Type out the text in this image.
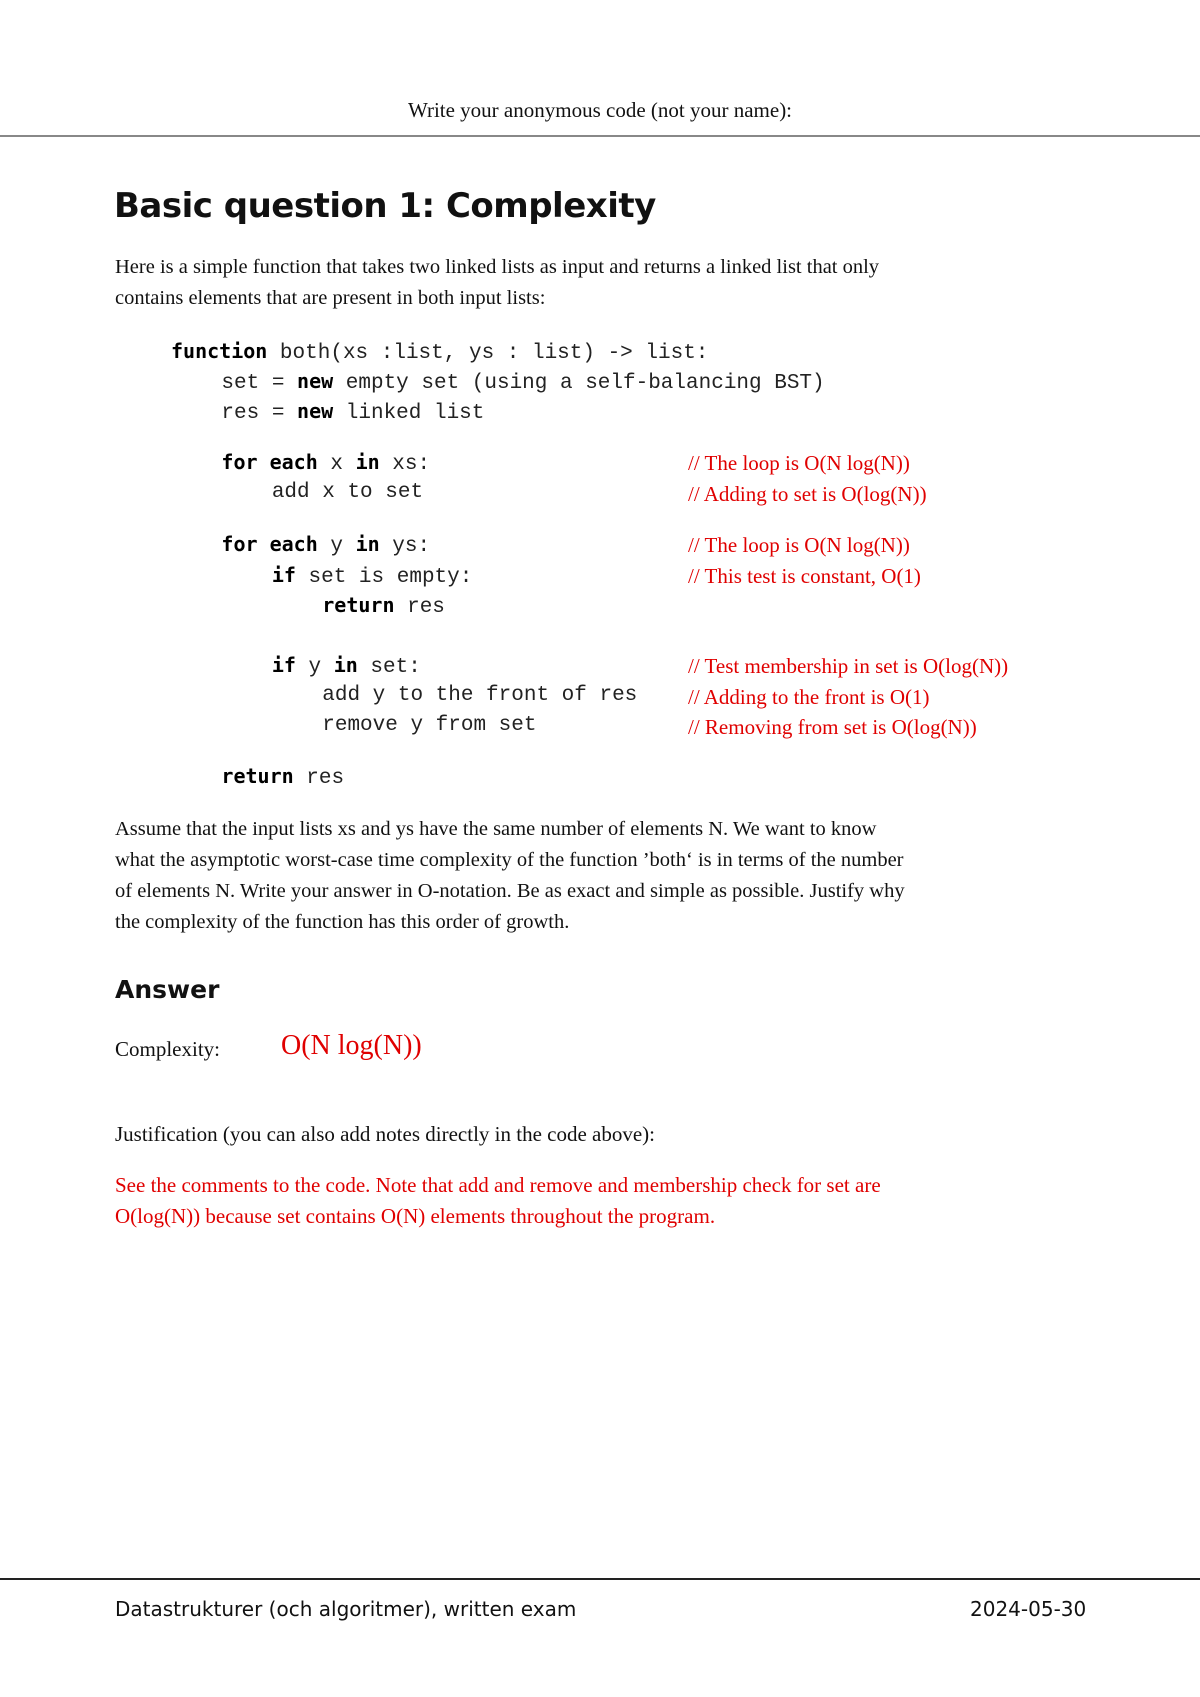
Write your anonymous code (not your name):
Basic question 1: Complexity
Here is a simple function that takes two linked lists as input and returns a linked list that only
contains elements that are present in both input lists:
function both(xs :list, ys : list) -> list:
set = new empty set (using a self-balancing BST)
res = new linked list
for each x in xs:	// The loop is O(N log(N))
add x to set	// Adding to set is O(log(N))
for each y in ys:	// The loop is O(N log(N))
if set is empty:	// This test is constant, O(1)
return res
if y in set:	// Test membership in set is O(log(N))
add y to the front of res // Adding to the front is O(1)
remove y from set	// Removing from set is O(log(N))
return res
Assume that the input lists xs and ys have the same number of elements N. We want to know
what the asymptotic worst-case time complexity of the function ’both‘ is in terms of the number
of elements N. Write your answer in O-notation. Be as exact and simple as possible. Justify why
the complexity of the function has this order of growth.
Answer
Complexity: O(N log(N))
Justification (you can also add notes directly in the code above):
See the comments to the code. Note that add and remove and membership check for set are
O(log(N)) because set contains O(N) elements throughout the program.
Datastrukturer (och algoritmer), written exam	2024-05-30
